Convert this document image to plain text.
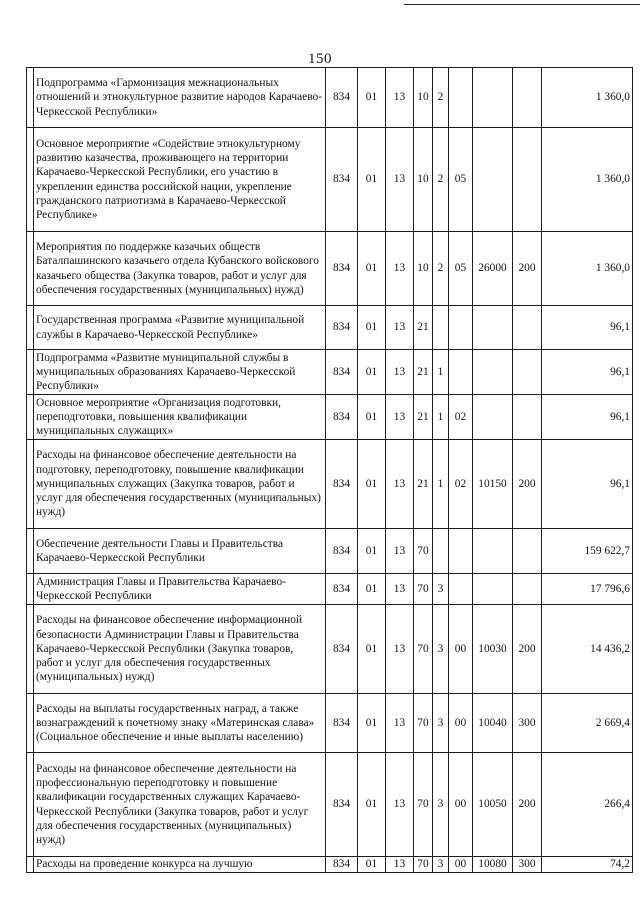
150
	Подпрограмма «Гармонизация межнациональных отношений и этнокультурное развитие народов Карачаево-Черкесской Республики»	834	01	13	10	2				1 360,0
	Основное мероприятие «Содействие этнокультурному развитию казачества, проживающего на территории Карачаево-Черкесской Республики, его участию в укреплении единства российской нации, укрепление гражданского патриотизма в Карачаево-Черкесской Республике»	834	01	13	10	2	05			1 360,0
	Мероприятия по поддержке казачьих обществ Баталпашинского казачьего отдела Кубанского войскового казачьего общества (Закупка товаров, работ и услуг для обеспечения государственных (муниципальных) нужд)	834	01	13	10	2	05	26000	200	1 360,0
	Государственная программа «Развитие муниципальной службы в Карачаево-Черкесской Республике»	834	01	13	21					96,1
	Подпрограмма «Развитие муниципальной службы в муниципальных образованиях Карачаево-Черкесской Республики»	834	01	13	21	1				96,1
	Основное мероприятие «Организация подготовки, переподготовки, повышения квалификации муниципальных служащих»	834	01	13	21	1	02			96,1
	Расходы на финансовое обеспечение деятельности на подготовку, переподготовку, повышение квалификации муниципальных служащих (Закупка товаров, работ и услуг для обеспечения государственных (муниципальных) нужд)	834	01	13	21	1	02	10150	200	96,1
	Обеспечение деятельности Главы и Правительства Карачаево-Черкесской Республики	834	01	13	70					159 622,7
	Администрация Главы и Правительства Карачаево-Черкесской Республики	834	01	13	70	3				17 796,6
	Расходы на финансовое обеспечение информационной безопасности Администрации Главы и Правительства Карачаево-Черкесской Республики (Закупка товаров, работ и услуг для обеспечения государственных (муниципальных) нужд)	834	01	13	70	3	00	10030	200	14 436,2
	Расходы на выплаты государственных наград, а также вознаграждений к почетному знаку «Материнская слава» (Социальное обеспечение и иные выплаты населению)	834	01	13	70	3	00	10040	300	2 669,4
	Расходы на финансовое обеспечение деятельности на профессиональную переподготовку и повышение квалификации государственных служащих Карачаево-Черкесской Республики (Закупка товаров, работ и услуг для обеспечения государственных (муниципальных) нужд)	834	01	13	70	3	00	10050	200	266,4
	Расходы на проведение конкурса на лучшую	834	01	13	70	3	00	10080	300	74,2
